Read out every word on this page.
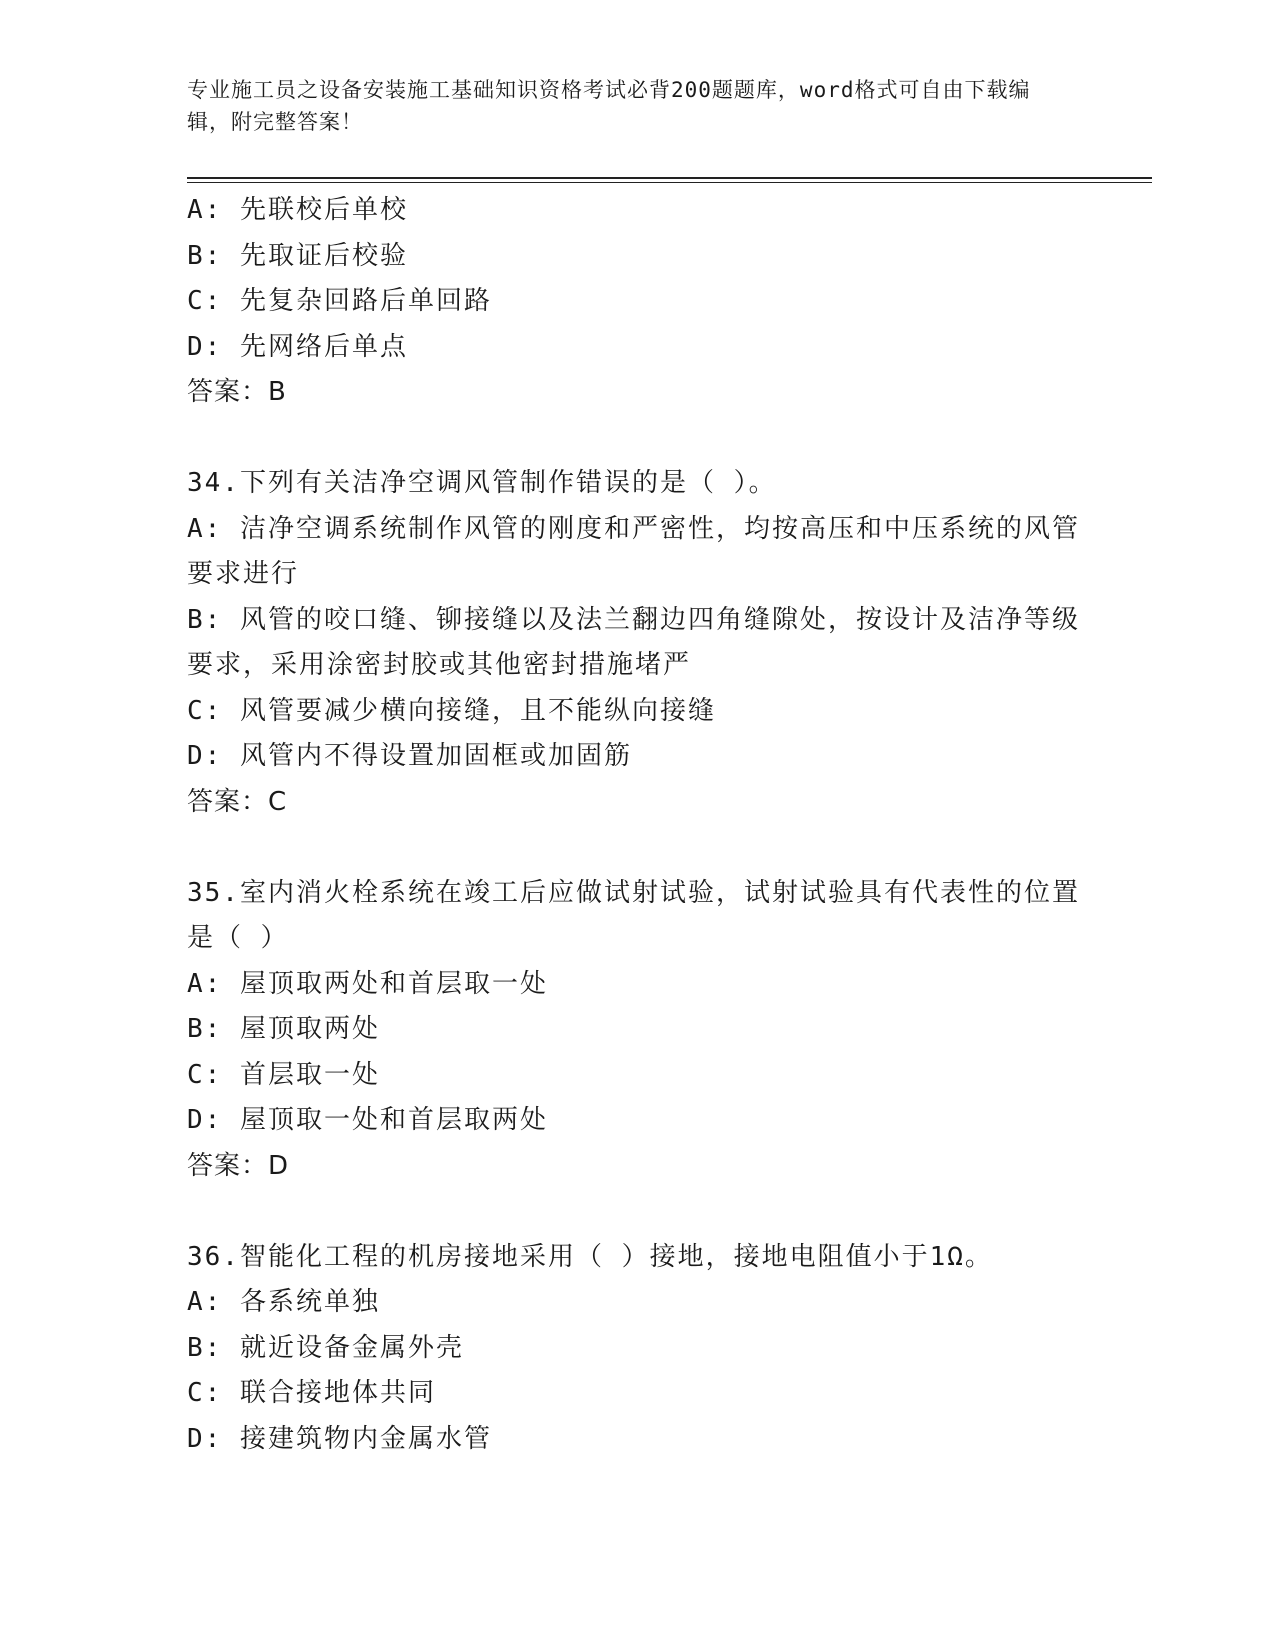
专业施工员之设备安装施工基础知识资格考试必背200题题库，word格式可自由下载编辑，附完整答案！
A: 先联校后单校
B: 先取证后校验
C: 先复杂回路后单回路
D: 先网络后单点
答案：B
34.下列有关洁净空调风管制作错误的是（ ）。
A: 洁净空调系统制作风管的刚度和严密性，均按高压和中压系统的风管要求进行
B: 风管的咬口缝、铆接缝以及法兰翻边四角缝隙处，按设计及洁净等级要求，采用涂密封胶或其他密封措施堵严
C: 风管要减少横向接缝，且不能纵向接缝
D: 风管内不得设置加固框或加固筋
答案：C
35.室内消火栓系统在竣工后应做试射试验，试射试验具有代表性的位置是（ ）
A: 屋顶取两处和首层取一处
B: 屋顶取两处
C: 首层取一处
D: 屋顶取一处和首层取两处
答案：D
36.智能化工程的机房接地采用（ ）接地，接地电阻值小于1Ω。
A: 各系统单独
B: 就近设备金属外壳
C: 联合接地体共同
D: 接建筑物内金属水管
